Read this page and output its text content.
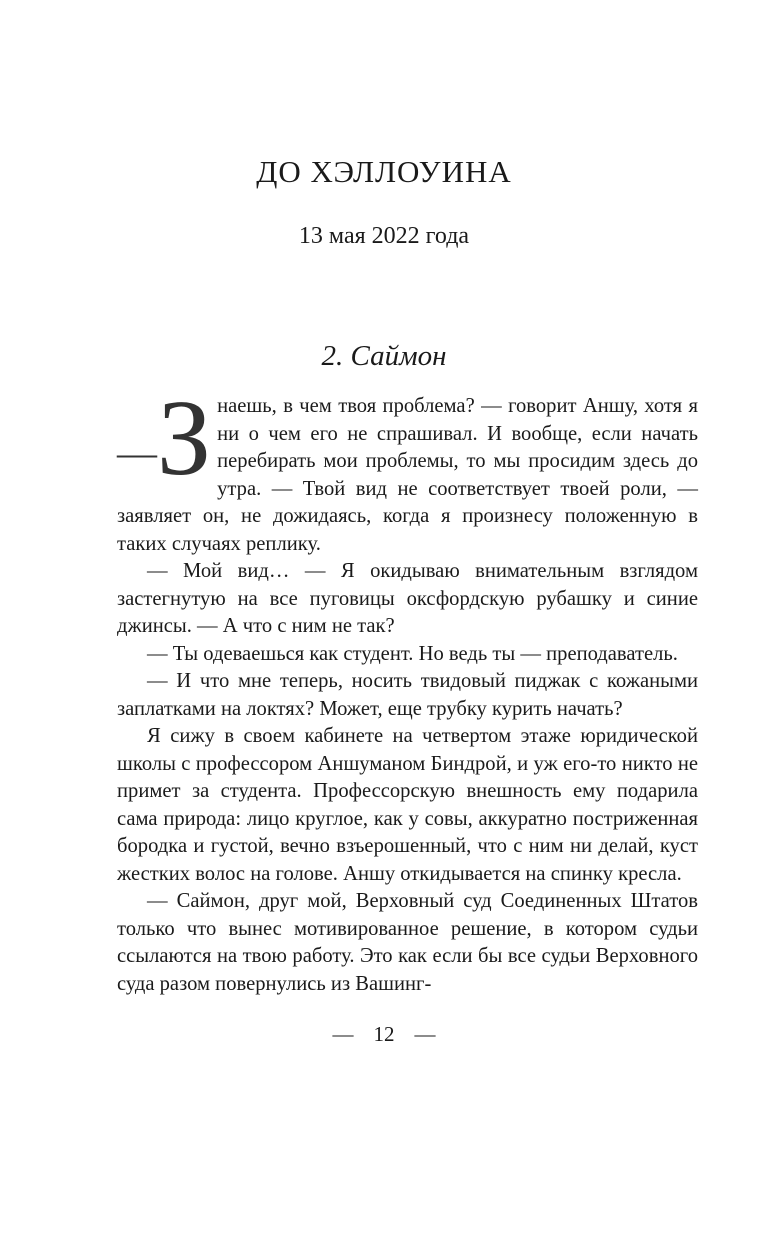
ДО ХЭЛЛОУИНА
13 мая 2022 года
2. Саймон

— З наешь, в чем твоя проблема? — говорит Аншу, хотя я ни о чем его не спрашивал. И вообще, если начать перебирать мои проблемы, то мы просидим здесь до утра. — Твой вид не соответствует твоей роли, — заявляет он, не дожидаясь, когда я произнесу положенную в таких случаях реплику.

— Мой вид… — Я окидываю внимательным взглядом застегнутую на все пуговицы оксфордскую рубашку и синие джинсы. — А что с ним не так?

— Ты одеваешься как студент. Но ведь ты — преподаватель.

— И что мне теперь, носить твидовый пиджак с кожаными заплатками на локтях? Может, еще трубку курить начать?

Я сижу в своем кабинете на четвертом этаже юридической школы с профессором Аншуманом Биндрой, и уж его-то никто не примет за студента. Профессорскую внешность ему подарила сама природа: лицо круглое, как у совы, аккуратно постриженная бородка и густой, вечно взъерошенный, что с ним ни делай, куст жестких волос на голове. Аншу откидывается на спинку кресла.

— Саймон, друг мой, Верховный суд Соединенных Штатов только что вынес мотивированное решение, в котором судьи ссылаются на твою работу. Это как если бы все судьи Верховного суда разом повернулись из Вашинг-

— 12 —
